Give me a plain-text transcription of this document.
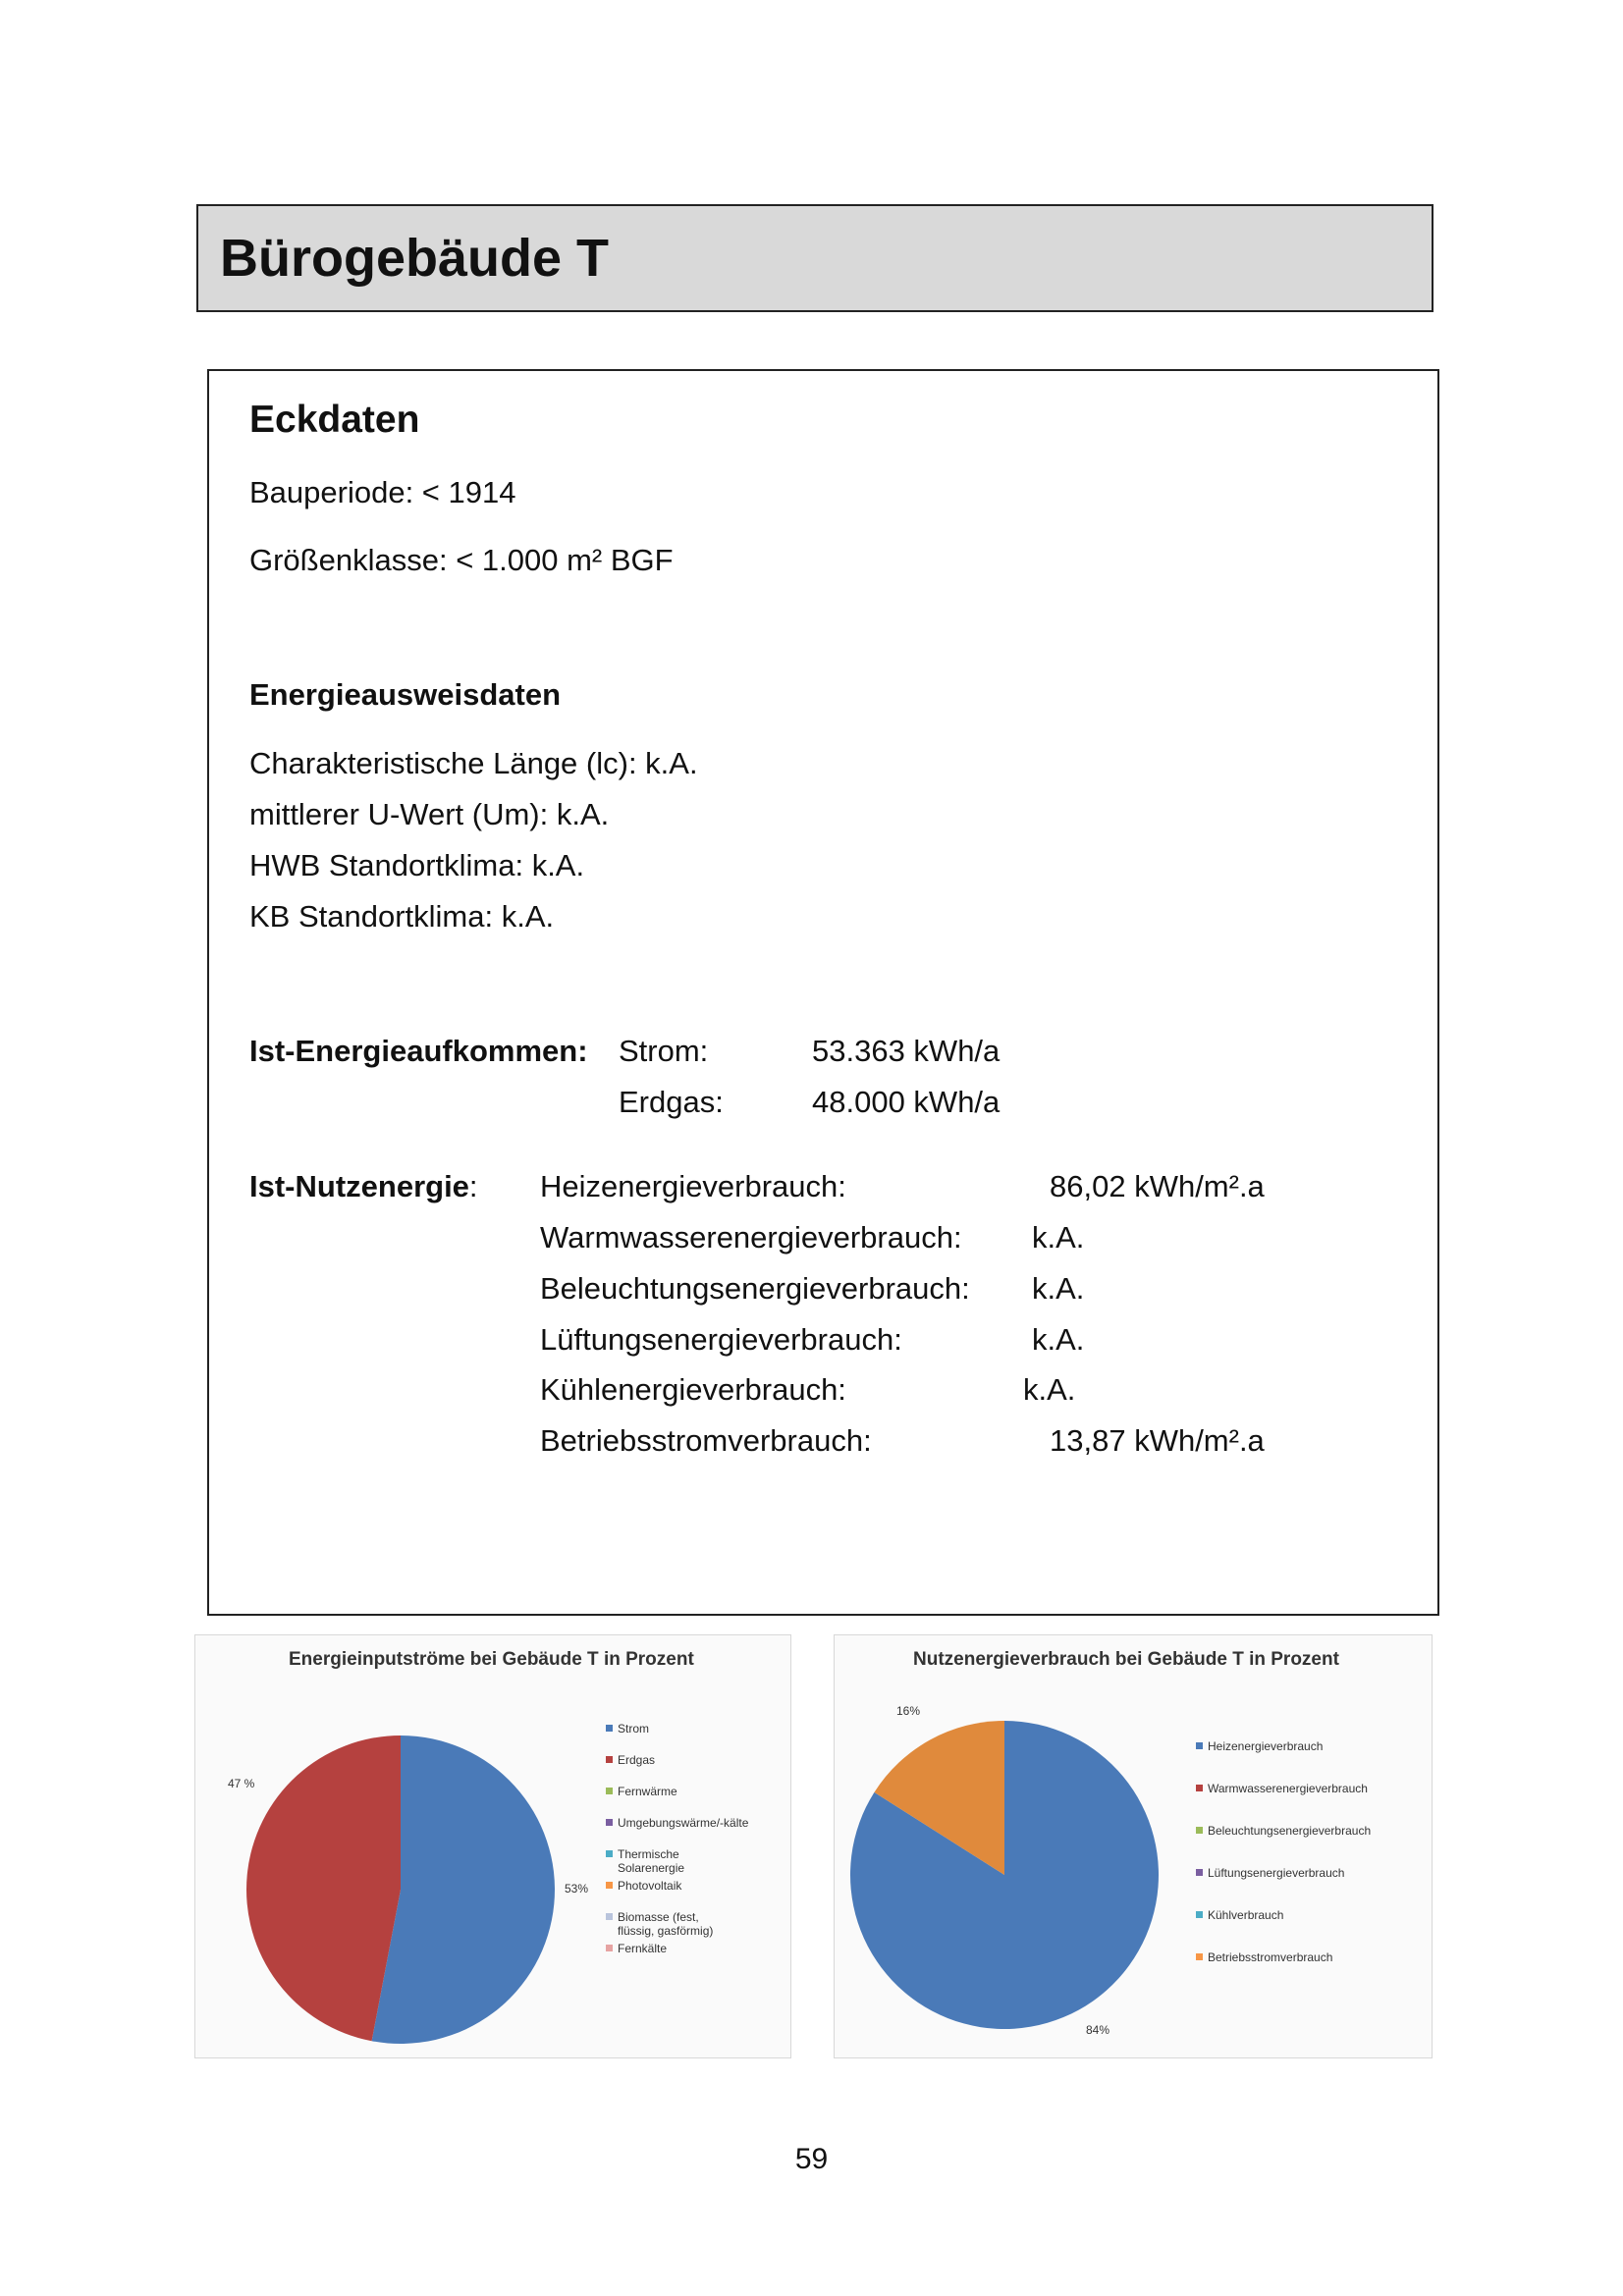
Bürogebäude T
Eckdaten
Bauperiode: < 1914
Größenklasse: < 1.000 m² BGF
Energieausweisdaten
Charakteristische Länge (lc): k.A.
mittlerer U-Wert (Um): k.A.
HWB Standortklima: k.A.
KB Standortklima: k.A.
Ist-Energieaufkommen: Strom:	53.363 kWh/a
Erdgas:	48.000 kWh/a
Ist-Nutzenergie: Heizenergieverbrauch:	86,02 kWh/m².a
Warmwasserenergieverbrauch: k.A.
Beleuchtungsenergieverbrauch: k.A.
Lüftungsenergieverbrauch:	k.A.
Kühlenergieverbrauch:	k.A.
Betriebsstromverbrauch:	13,87 kWh/m².a
Energieinputströme bei Gebäude T in Prozent
53%
47 %
Strom
Erdgas
Fernwärme
Umgebungswärme/-kälte
Thermische Solarenergie
Photovoltaik
Biomasse (fest, flüssig, gasförmig)
Fernkälte
Nutzenergieverbrauch bei Gebäude T in Prozent
84%
16%
Heizenergieverbrauch
Warmwasserenergieverbrauch
Beleuchtungsenergieverbrauch
Lüftungsenergieverbrauch
Kühlverbrauch
Betriebsstromverbrauch
59
